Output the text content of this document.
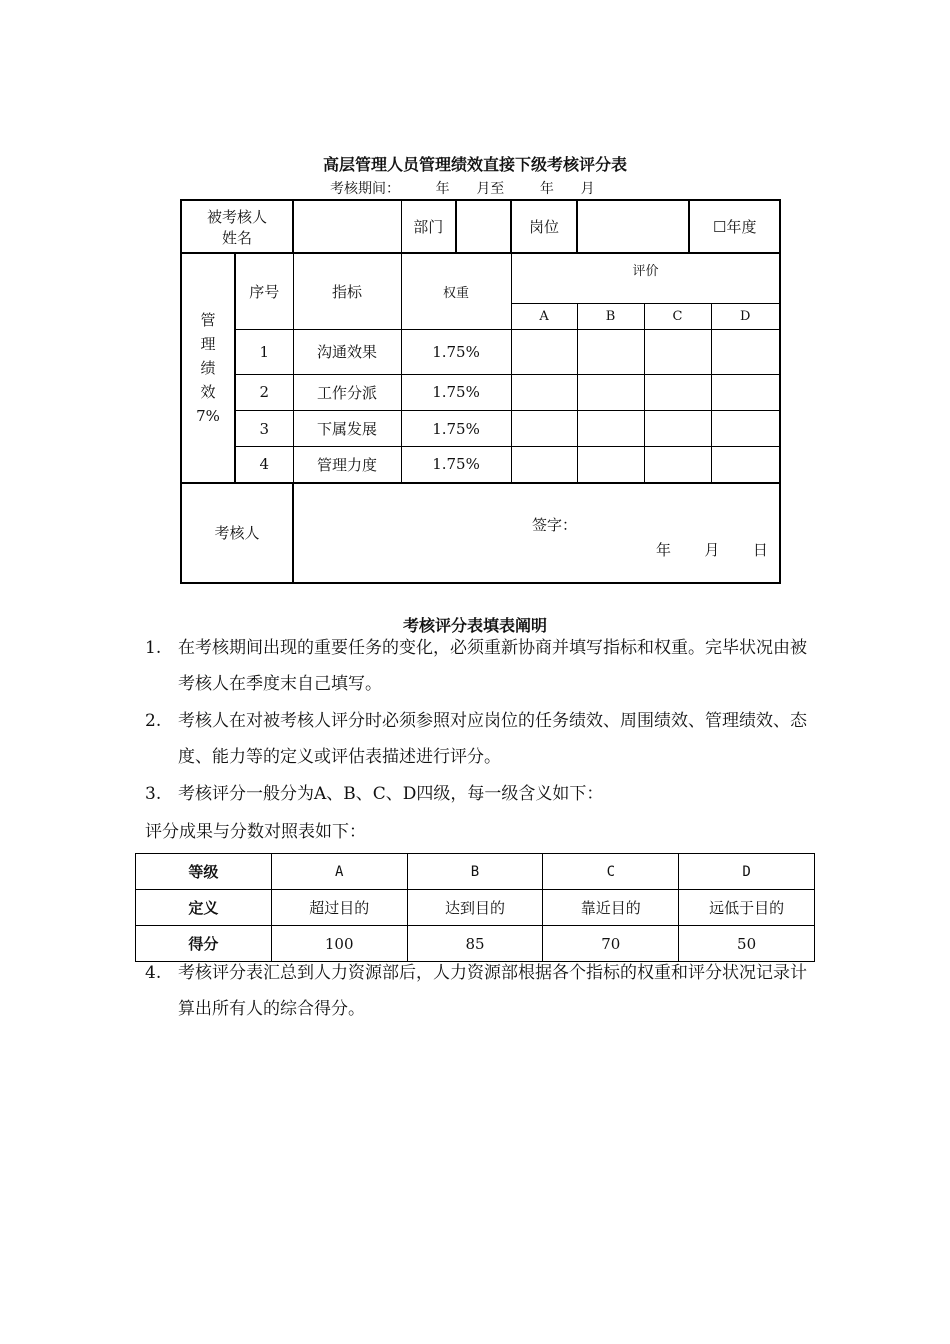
高层管理人员管理绩效直接下级考核评分表
考核期间：	年 月至	年 月
被考核人
姓名			部门		岗位			☐年度	
管
理
绩
效
7%	序号	指标	权重		评价				
					A	B	C		D
	1	沟通效果	1.75%						
	2	工作分派	1.75%						
	3	下属发展	1.75%						
	4	管理力度	1.75%						
考核人		签字：
年 月 日							
考核评分表填表阐明
1. 在考核期间出现的重要任务的变化，必须重新协商并填写指标和权重。完毕状况由被考核人在季度末自己填写。
2. 考核人在对被考核人评分时必须参照对应岗位的任务绩效、周围绩效、管理绩效、态度、能力等的定义或评估表描述进行评分。
3. 考核评分一般分为A、B、C、D四级，每一级含义如下：
评分成果与分数对照表如下：
等级	A	B	C	D
定义	超过目的	达到目的	靠近目的	远低于目的
得分	100	85	70	50
4. 考核评分表汇总到人力资源部后，人力资源部根据各个指标的权重和评分状况记录计算出所有人的综合得分。
